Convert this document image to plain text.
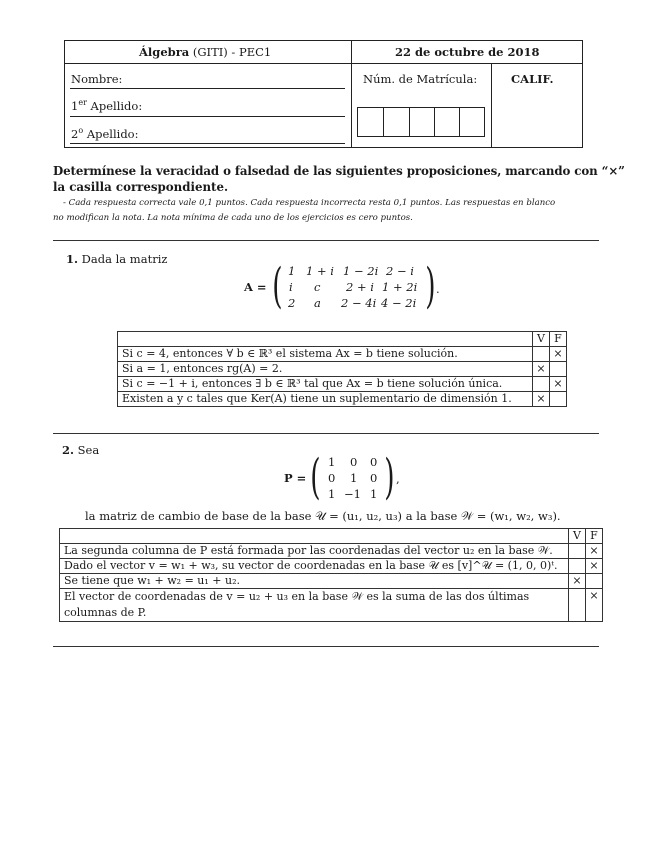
Álgebra (GITI) - PEC1	22 de octubre de 2018
Nombre:
1er Apellido:
2$^o$ Apellido:
Núm. de Matrícula:	CALIF.
Determínese la veracidad o falsedad de las siguientes proposiciones, marcando con “×”
la casilla correspondiente.
- Cada respuesta correcta vale 0,1 puntos. Cada respuesta incorrecta resta 0,1 puntos. Las respuestas en blanco
no modifican la nota. La nota mínima de cada uno de los ejercicios es cero puntos.
1. Dada la matriz
A = ( 1 1 + i 1 − 2i 2 − i
i c 2 + i 1 + 2i
2 a 2 − 4i 4 − 2i ) .
	V	F
Si c = 4, entonces ∀ b ∈ ℝ³ el sistema Ax = b tiene solución.		×
Si a = 1, entonces rg(A) = 2.	×	
Si c = −1 + i, entonces ∃ b ∈ ℝ³ tal que Ax = b tiene solución única.		×
Existen a y c tales que Ker(A) tiene un suplementario de dimensión 1.	×	
2. Sea
P = ( 1 0 0
0 1 0
1 −1 1 ) ,
la matriz de cambio de base de la base 𝒰 = (u₁, u₂, u₃) a la base 𝒲 = (w₁, w₂, w₃).
	V	F
La segunda columna de P está formada por las coordenadas del vector u₂ en la base 𝒲.		×
Dado el vector v = w₁ + w₃, su vector de coordenadas en la base 𝒰 es [v]^𝒰 = (1, 0, 0)ᵗ.		×
Se tiene que w₁ + w₂ = u₁ + u₂.	×	

El vector de coordenadas de v = u₂ + u₃ en la base 𝒲 es la suma de las dos últimas
columnas de P.		×
